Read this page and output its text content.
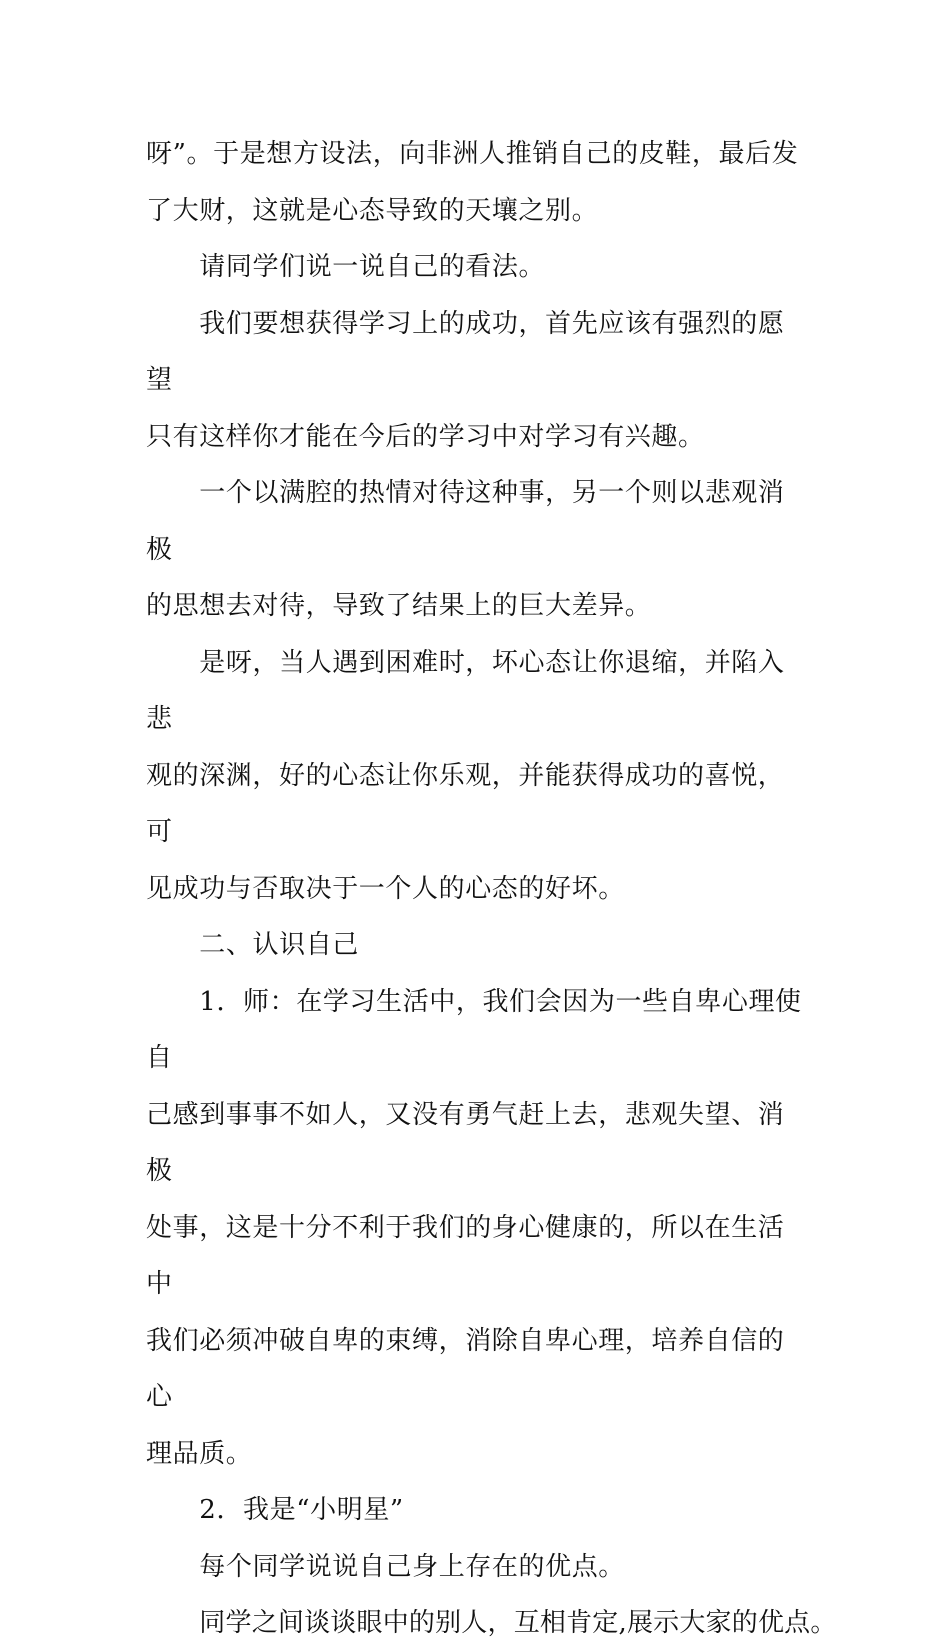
呀”。于是想方设法，向非洲人推销自己的皮鞋，最后发
了大财，这就是心态导致的天壤之别。

请同学们说一说自己的看法。

我们要想获得学习上的成功，首先应该有强烈的愿望
只有这样你才能在今后的学习中对学习有兴趣。

一个以满腔的热情对待这种事，另一个则以悲观消极
的思想去对待，导致了结果上的巨大差异。

是呀，当人遇到困难时，坏心态让你退缩，并陷入悲
观的深渊，好的心态让你乐观，并能获得成功的喜悦，可
见成功与否取决于一个人的心态的好坏。

二、认识自己

1．师：在学习生活中，我们会因为一些自卑心理使自
己感到事事不如人，又没有勇气赶上去，悲观失望、消极
处事，这是十分不利于我们的身心健康的，所以在生活中
我们必须冲破自卑的束缚，消除自卑心理，培养自信的心
理品质。

2．我是“小明星”

每个同学说说自己身上存在的优点。

同学之间谈谈眼中的别人，互相肯定,展示大家的优点。
